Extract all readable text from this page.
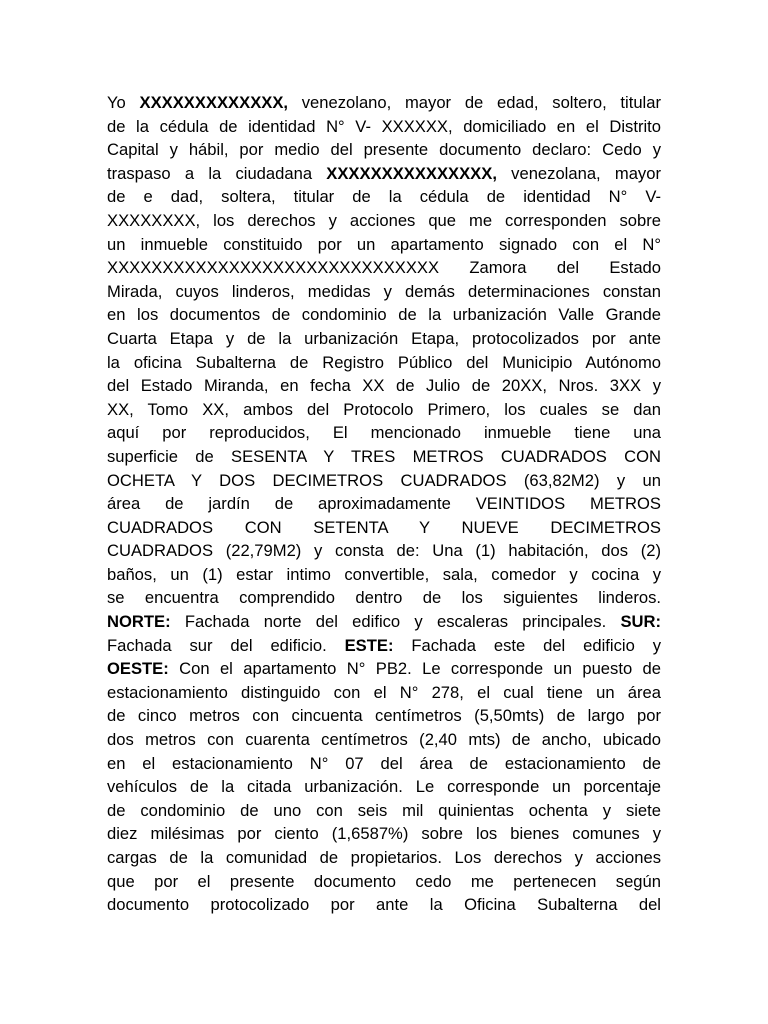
Yo XXXXXXXXXXXXX, venezolano, mayor de edad, soltero, titular
de la cédula de identidad N° V- XXXXXX, domiciliado en el Distrito
Capital y hábil, por medio del presente documento declaro: Cedo y
traspaso a la ciudadana XXXXXXXXXXXXXXX, venezolana, mayor
de e dad, soltera, titular de la cédula de identidad N° V-
XXXXXXXX, los derechos y acciones que me corresponden sobre
un inmueble constituido por un apartamento signado con el N°
XXXXXXXXXXXXXXXXXXXXXXXXXXXXXX Zamora del Estado
Mirada, cuyos linderos, medidas y demás determinaciones constan
en los documentos de condominio de la urbanización Valle Grande
Cuarta Etapa y de la urbanización Etapa, protocolizados por ante
la oficina Subalterna de Registro Público del Municipio Autónomo
del Estado Miranda, en fecha XX de Julio de 20XX, Nros. 3XX y
XX, Tomo XX, ambos del Protocolo Primero, los cuales se dan
aquí por reproducidos, El mencionado inmueble tiene una
superficie de SESENTA Y TRES METROS CUADRADOS CON
OCHETA Y DOS DECIMETROS CUADRADOS (63,82M2) y un
área de jardín de aproximadamente VEINTIDOS METROS
CUADRADOS CON SETENTA Y NUEVE DECIMETROS
CUADRADOS (22,79M2) y consta de: Una (1) habitación, dos (2)
baños, un (1) estar intimo convertible, sala, comedor y cocina y
se encuentra comprendido dentro de los siguientes linderos.
NORTE: Fachada norte del edifico y escaleras principales. SUR:
Fachada sur del edificio. ESTE: Fachada este del edificio y
OESTE: Con el apartamento N° PB2. Le corresponde un puesto de
estacionamiento distinguido con el N° 278, el cual tiene un área
de cinco metros con cincuenta centímetros (5,50mts) de largo por
dos metros con cuarenta centímetros (2,40 mts) de ancho, ubicado
en el estacionamiento N° 07 del área de estacionamiento de
vehículos de la citada urbanización. Le corresponde un porcentaje
de condominio de uno con seis mil quinientas ochenta y siete
diez milésimas por ciento (1,6587%) sobre los bienes comunes y
cargas de la comunidad de propietarios. Los derechos y acciones
que por el presente documento cedo me pertenecen según
documento protocolizado por ante la Oficina Subalterna del
